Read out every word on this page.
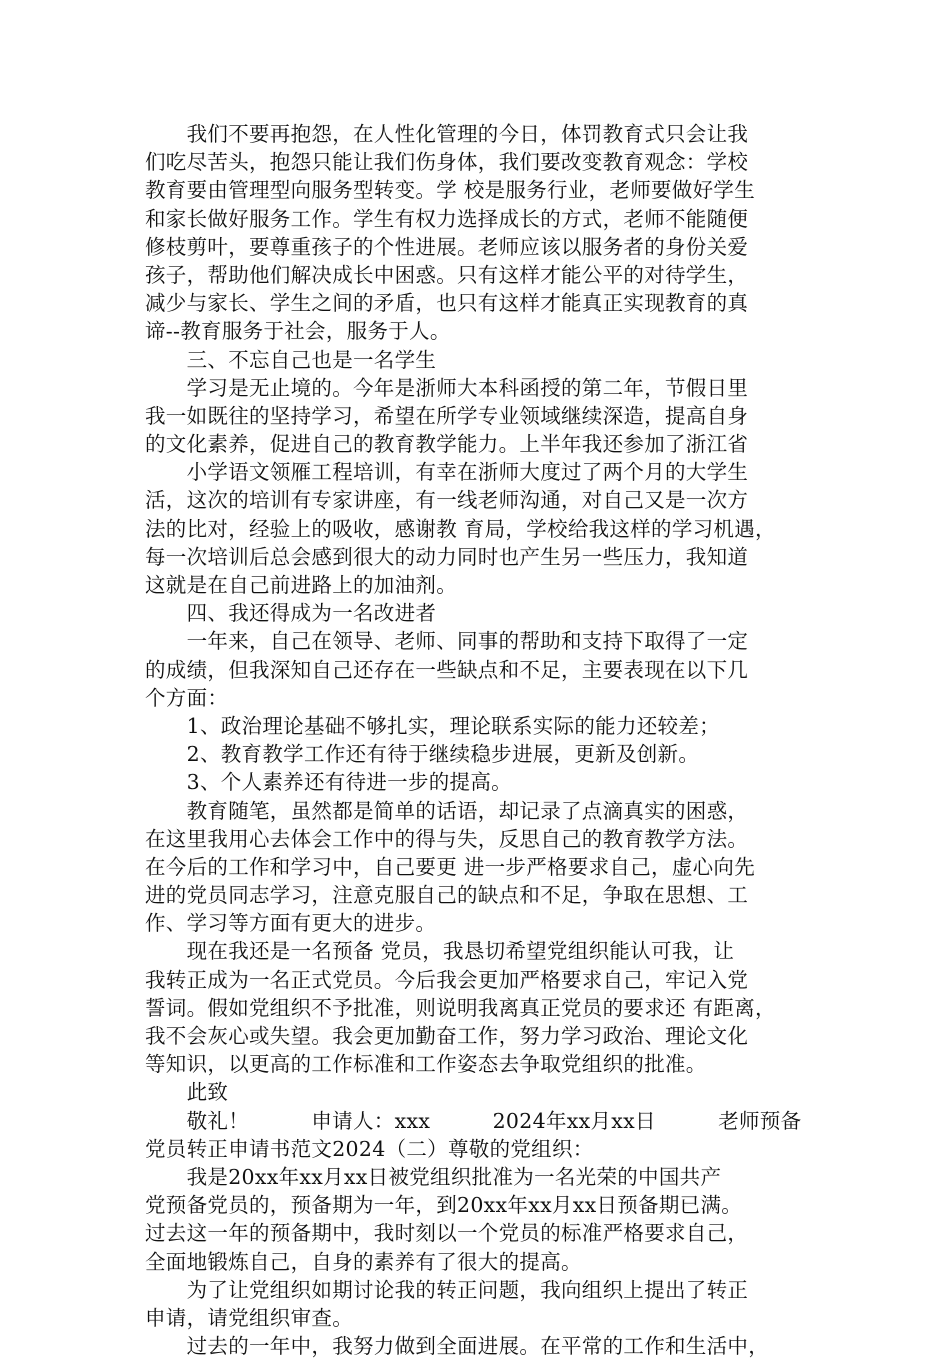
　　我们不要再抱怨，在人性化管理的今日，体罚教育式只会让我
们吃尽苦头，抱怨只能让我们伤身体，我们要改变教育观念：学校
教育要由管理型向服务型转变。学 校是服务行业，老师要做好学生
和家长做好服务工作。学生有权力选择成长的方式，老师不能随便
修枝剪叶，要尊重孩子的个性进展。老师应该以服务者的身份关爱
孩子，帮助他们解决成长中困惑。只有这样才能公平的对待学生，
减少与家长、学生之间的矛盾，也只有这样才能真正实现教育的真
谛--教育服务于社会，服务于人。
　　三、不忘自己也是一名学生
　　学习是无止境的。今年是浙师大本科函授的第二年，节假日里
我一如既往的坚持学习，希望在所学专业领域继续深造，提高自身
的文化素养，促进自己的教育教学能力。上半年我还参加了浙江省
　　小学语文领雁工程培训，有幸在浙师大度过了两个月的大学生
活，这次的培训有专家讲座，有一线老师沟通，对自己又是一次方
法的比对，经验上的吸收，感谢教 育局，学校给我这样的学习机遇，
每一次培训后总会感到很大的动力同时也产生另一些压力，我知道
这就是在自己前进路上的加油剂。
　　四、我还得成为一名改进者
　　一年来，自己在领导、老师、同事的帮助和支持下取得了一定
的成绩，但我深知自己还存在一些缺点和不足，主要表现在以下几
个方面：
　　1、政治理论基础不够扎实，理论联系实际的能力还较差；
　　2、教育教学工作还有待于继续稳步进展，更新及创新。
　　3、个人素养还有待进一步的提高。
　　教育随笔，虽然都是简单的话语，却记录了点滴真实的困惑，
在这里我用心去体会工作中的得与失，反思自己的教育教学方法。
在今后的工作和学习中，自己要更 进一步严格要求自己，虚心向先
进的党员同志学习，注意克服自己的缺点和不足，争取在思想、工
作、学习等方面有更大的进步。
　　现在我还是一名预备 党员，我恳切希望党组织能认可我，让
我转正成为一名正式党员。今后我会更加严格要求自己，牢记入党
誓词。假如党组织不予批准，则说明我离真正党员的要求还 有距离，
我不会灰心或失望。我会更加勤奋工作，努力学习政治、理论文化
等知识，以更高的工作标准和工作姿态去争取党组织的批准。
　　此致
　　敬礼！　　　申请人：xxx　　　2024年xx月xx日　　　老师预备
党员转正申请书范文2024（二）尊敬的党组织：
　　我是20xx年xx月xx日被党组织批准为一名光荣的中国共产
党预备党员的，预备期为一年，到20xx年xx月xx日预备期已满。
过去这一年的预备期中，我时刻以一个党员的标准严格要求自己，
全面地锻炼自己，自身的素养有了很大的提高。
　　为了让党组织如期讨论我的转正问题，我向组织上提出了转正
申请，请党组织审查。
　　过去的一年中，我努力做到全面进展。在平常的工作和生活中，
